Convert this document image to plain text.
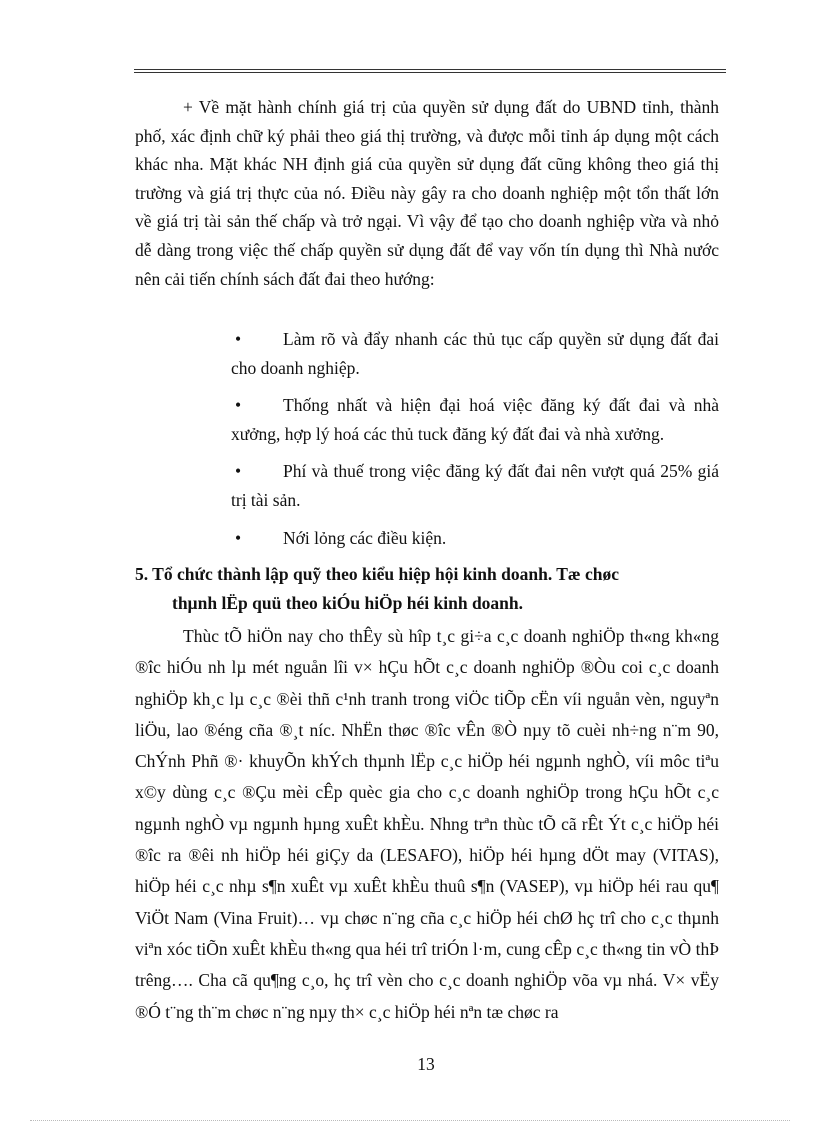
+ Về mặt hành chính giá trị của quyền sử dụng đất do UBND tỉnh, thành phố, xác định chữ ký phải theo giá thị trường, và được mỗi tỉnh áp dụng một cách khác nha. Mặt khác NH định giá của quyền sử dụng đất cũng không theo giá thị trường và giá trị thực của nó. Điều này gây ra cho doanh nghiệp một tổn thất lớn về giá trị tài sản thế chấp và trở ngại. Vì vậy để tạo cho doanh nghiệp vừa và nhỏ dễ dàng trong việc thế chấp quyền sử dụng đất để vay vốn tín dụng thì Nhà nước nên cải tiến chính sách đất đai theo hướng:

• Làm rõ và đẩy nhanh các thủ tục cấp quyền sử dụng đất đai cho doanh nghiệp.
• Thống nhất và hiện đại hoá việc đăng ký đất đai và nhà xưởng, hợp lý hoá các thủ tuck đăng ký đất đai và nhà xưởng.
• Phí và thuế trong việc đăng ký đất đai nên vượt quá 25% giá trị tài sản.
• Nới lỏng các điều kiện.

5. Tổ chức thành lập quỹ theo kiểu hiệp hội kinh doanh. Tæ chøc
thµnh lËp quü theo kiÓu hiÖp héi kinh doanh.

Thùc tÕ hiÖn nay cho thÊy sù hîp t¸c gi÷a c¸c doanh nghiÖp th«ng kh«ng ®îc hiÓu nh lµ mét nguån lîi v× hÇu hÕt c¸c doanh nghiÖp ®Òu coi c¸c doanh nghiÖp kh¸c lµ c¸c ®èi thñ c¹nh tranh trong viÖc tiÕp cËn víi nguån vèn, nguyªn liÖu, lao ®éng cña ®¸t níc. NhËn thøc ®îc vÊn ®Ò nµy tõ cuèi nh÷ng n¨m 90, ChÝnh Phñ ®· khuyÕn khÝch thµnh lËp c¸c hiÖp héi ngµnh nghÒ, víi môc tiªu x©y dùng c¸c ®Çu mèi cÊp quèc gia cho c¸c doanh nghiÖp trong hÇu hÕt c¸c ngµnh nghÒ vµ ngµnh hµng xuÊt khÈu. Nhng trªn thùc tÕ cã rÊt Ýt c¸c hiÖp héi ®îc ra ®êi nh hiÖp héi giÇy da (LESAFO), hiÖp héi hµng dÖt may (VITAS), hiÖp héi c¸c nhµ s¶n xuÊt vµ xuÊt khÈu thuû s¶n (VASEP), vµ hiÖp héi rau qu¶ ViÖt Nam (Vina Fruit)… vµ chøc n¨ng cña c¸c hiÖp héi chØ hç trî cho c¸c thµnh viªn xóc tiÕn xuÊt khÈu th«ng qua héi trî triÓn l·m, cung cÊp c¸c th«ng tin vÒ thÞ trêng…. Cha cã qu¶ng c¸o, hç trî vèn cho c¸c doanh nghiÖp võa vµ nhá. V× vËy ®Ó t¨ng th¨m chøc n¨ng nµy th× c¸c hiÖp héi nªn tæ chøc ra

13
